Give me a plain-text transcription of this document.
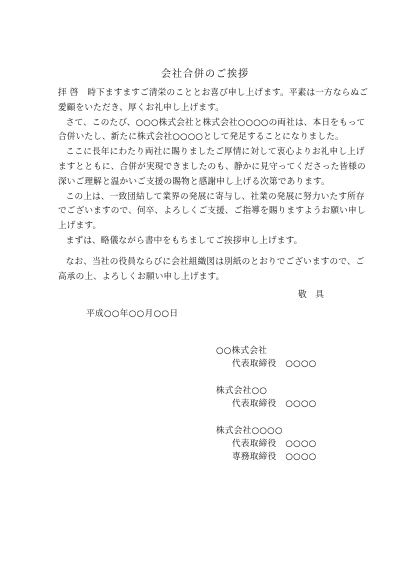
会社合併のご挨拶

拝 啓　時下ますますご清栄のこととお喜び申し上げます。平素は一方ならぬご愛顧をいただき、厚くお礼申し上げます。

さて、このたび、○○○株式会社と株式会社○○○○の両社は、本日をもって合併いたし、新たに株式会社○○○○として発足することになりました。

ここに長年にわたり両社に賜りましたご厚情に対して衷心よりお礼申し上げますとともに、合併が実現できましたのも、静かに見守ってくださった皆様の深いご理解と温かいご支援の賜物と感謝申し上げる次第であります。

この上は、一致団結して業界の発展に寄与し、社業の発展に努力いたす所存でございますので、何卒、よろしくご支援、ご指導を賜りますようお願い申し上げます。

まずは、略儀ながら書中をもちましてご挨拶申し上げます。

なお、当社の役員ならびに会社組織図は別紙のとおりでございますので、ご高承の上、よろしくお願い申し上げます。

敬 具
平成○○年○○月○○日
○○株式会社
代表取締役　○○○○
株式会社○○
代表取締役　○○○○
株式会社○○○○
代表取締役　○○○○
専務取締役　○○○○
